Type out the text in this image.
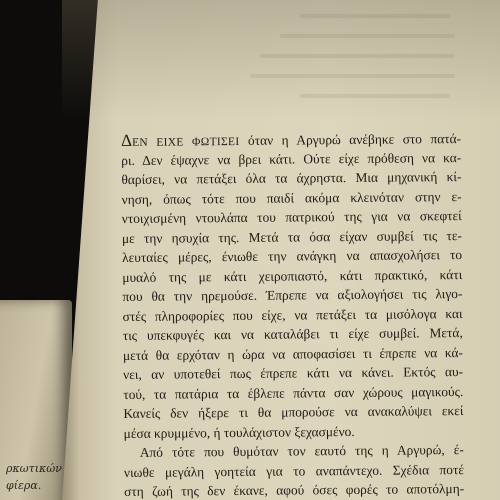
ρκωτικών
φίερα.
ΔΕΝ ΕΙΧΕ ΦΩΤΙΣΕΙ όταν η Αργυρώ ανέβηκε στο πατά-
ρι. Δεν έψαχνε να βρει κάτι. Ούτε είχε πρόθεση να κα-
θαρίσει, να πετάξει όλα τα άχρηστα. Μια μηχανική κί-
νηση, όπως τότε που παιδί ακόμα κλεινόταν στην ε-
ντοιχισμένη ντουλάπα του πατρικού της για να σκεφτεί
με την ησυχία της. Μετά τα όσα είχαν συμβεί τις τε-
λευταίες μέρες, ένιωθε την ανάγκη να απασχολήσει το
μυαλό της με κάτι χειροπιαστό, κάτι πρακτικό, κάτι
που θα την ηρεμούσε. Έπρεπε να αξιολογήσει τις λιγο-
στές πληροφορίες που είχε, να πετάξει τα μισόλογα και
τις υπεκφυγές και να καταλάβει τι είχε συμβεί. Μετά,
μετά θα ερχόταν η ώρα να αποφασίσει τι έπρεπε να κά-
νει, αν υποτεθεί πως έπρεπε κάτι να κάνει. Εκτός αυ-
τού, τα πατάρια τα έβλεπε πάντα σαν χώρους μαγικούς.
Κανείς δεν ήξερε τι θα μπορούσε να ανακαλύψει εκεί
μέσα κρυμμένο, ή τουλάχιστον ξεχασμένο.
Από τότε που θυμόταν τον εαυτό της η Αργυρώ, έ-
νιωθε μεγάλη γοητεία για το αναπάντεχο. Σχέδια ποτέ
στη ζωή της δεν έκανε, αφού όσες φορές το αποτόλμη-
